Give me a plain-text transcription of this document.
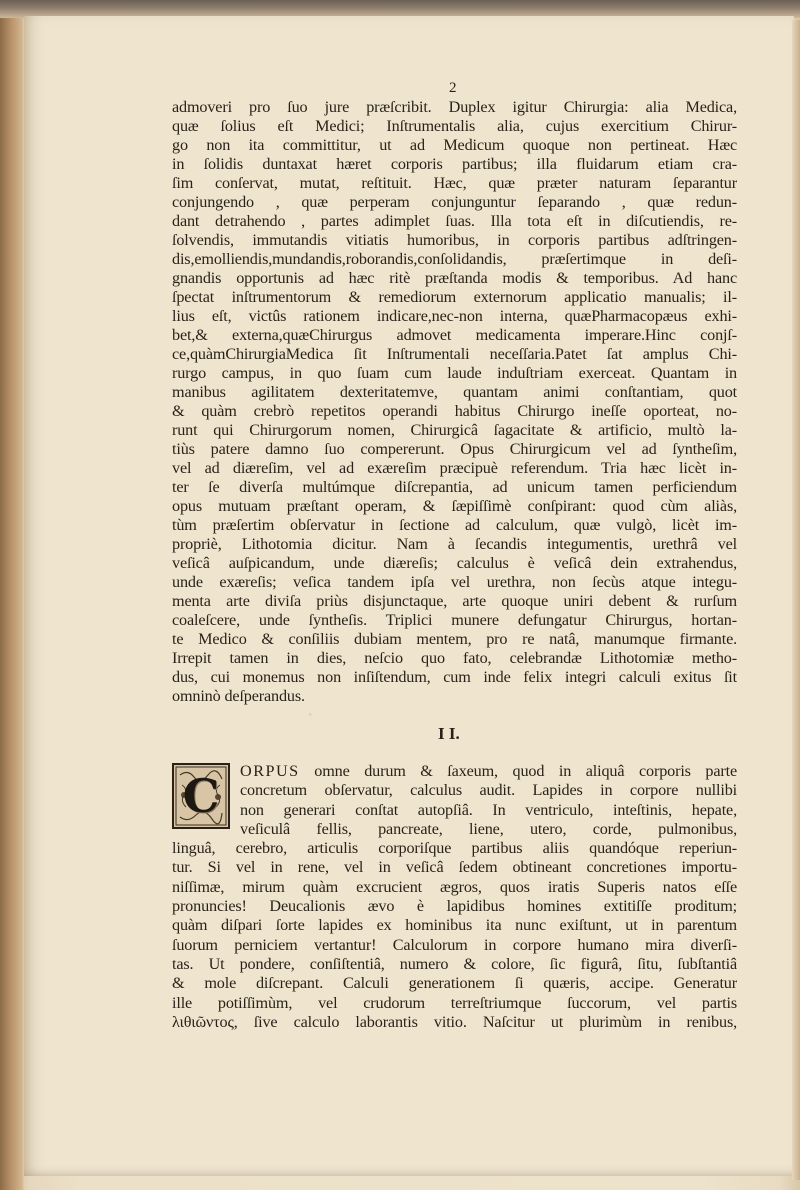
2
admoveri pro ſuo jure præſcribit. Duplex igitur Chirurgia: alia Medica,
quæ ſolius eſt Medici; Inſtrumentalis alia, cujus exercitium Chirur-
go non ita committitur, ut ad Medicum quoque non pertineat. Hæc
in ſolidis duntaxat hæret corporis partibus; illa fluidarum etiam cra-
ſim conſervat, mutat, reſtituit. Hæc, quæ præter naturam ſeparantur
conjungendo , quæ perperam conjunguntur ſeparando , quæ redun-
dant detrahendo , partes adimplet ſuas. Illa tota eſt in diſcutiendis, re-
ſolvendis, immutandis vitiatis humoribus, in corporis partibus adſtringen-
dis,emolliendis,mundandis,roborandis,conſolidandis, præſertimque in deſi-
gnandis opportunis ad hæc ritè præſtanda modis & temporibus. Ad hanc
ſpectat inſtrumentorum & remediorum externorum applicatio manualis; il-
lius eſt, victûs rationem indicare,nec-non interna, quæPharmacopæus exhi-
bet,& externa,quæChirurgus admovet medicamenta imperare.Hinc conjſ-
ce,quàmChirurgiaMedica ſit Inſtrumentali neceſſaria.Patet ſat amplus Chi-
rurgo campus, in quo ſuam cum laude induſtriam exerceat. Quantam in
manibus agilitatem dexteritatemve, quantam animi conſtantiam, quot
& quàm crebrò repetitos operandi habitus Chirurgo ineſſe oporteat, no-
runt qui Chirurgorum nomen, Chirurgicâ ſagacitate & artificio, multò la-
tiùs patere damno ſuo compererunt. Opus Chirurgicum vel ad ſyntheſim,
vel ad diæreſim, vel ad exæreſim præcipuè referendum. Tria hæc licèt in-
ter ſe diverſa multúmque diſcrepantia, ad unicum tamen perficiendum
opus mutuam præſtant operam, & ſæpiſſimè conſpirant: quod cùm aliàs,
tùm præſertim obſervatur in ſectione ad calculum, quæ vulgò, licèt im-
propriè, Lithotomia dicitur. Nam à ſecandis integumentis, urethrâ vel
veſicâ auſpicandum, unde diæreſis; calculus è veſicâ dein extrahendus,
unde exæreſis; veſica tandem ipſa vel urethra, non ſecùs atque integu-
menta arte diviſa priùs disjunctaque, arte quoque uniri debent & rurſum
coaleſcere, unde ſyntheſis. Triplici munere defungatur Chirurgus, hortan-
te Medico & conſiliis dubiam mentem, pro re natâ, manumque firmante.
Irrepit tamen in dies, neſcio quo fato, celebrandæ Lithotomiæ metho-
dus, cui monemus non inſiſtendum, cum inde felix integri calculi exitus ſit
omninò deſperandus.
·
I I.
C	ORPUS omne durum & ſaxeum, quod in aliquâ corporis parte
concretum obſervatur, calculus audit. Lapides in corpore nullibi
non generari conſtat autopſiâ. In ventriculo, inteſtinis, hepate,
veſiculâ fellis, pancreate, liene, utero, corde, pulmonibus,
linguâ, cerebro, articulis corporiſque partibus aliis quandóque reperiun-
tur. Si vel in rene, vel in veſicâ ſedem obtineant concretiones importu-
niſſimæ, mirum quàm excrucient ægros, quos iratis Superis natos eſſe
pronuncies! Deucalionis ævo è lapidibus homines extitiſſe proditum;
quàm diſpari ſorte lapides ex hominibus ita nunc exiſtunt, ut in parentum
ſuorum perniciem vertantur! Calculorum in corpore humano mira diverſi-
tas. Ut pondere, conſiſtentiâ, numero & colore, ſic figurâ, ſitu, ſubſtantiâ
& mole diſcrepant. Calculi generationem ſi quæris, accipe. Generatur
ille potiſſimùm, vel crudorum terreſtriumque ſuccorum, vel partis
λιθιῶντος, ſive calculo laborantis vitio. Naſcitur ut plurimùm in renibus,
